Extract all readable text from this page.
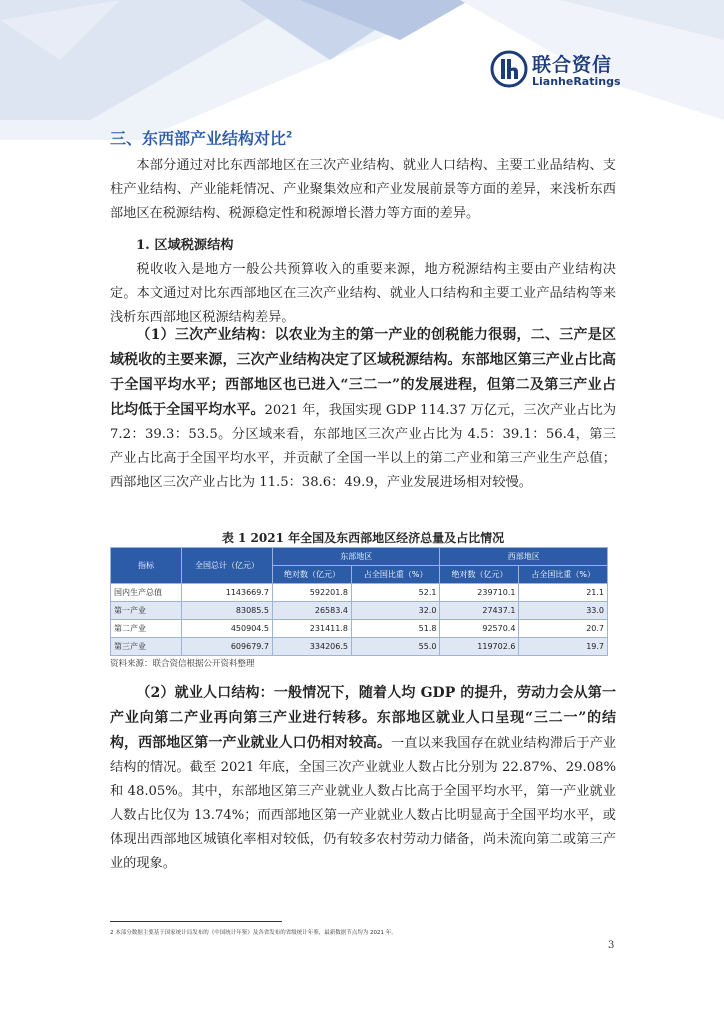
联合资信
LianheRatings
三、东西部产业结构对比$^2$

本部分通过对比东西部地区在三次产业结构、就业人口结构、主要工业品结构、支柱产业结构、产业能耗情况、产业聚集效应和产业发展前景等方面的差异，来浅析东西部地区在税源结构、税源稳定性和税源增长潜力等方面的差异。

1. 区域税源结构

税收收入是地方一般公共预算收入的重要来源，地方税源结构主要由产业结构决定。本文通过对比东西部地区在三次产业结构、就业人口结构和主要工业产品结构等来浅析东西部地区税源结构差异。

（1）三次产业结构：以农业为主的第一产业的创税能力很弱，二、三产是区域税收的主要来源，三次产业结构决定了区域税源结构。东部地区第三产业占比高于全国平均水平；西部地区也已进入“三二一”的发展进程，但第二及第三产业占比均低于全国平均水平。2021 年，我国实现 GDP 114.37 万亿元，三次产业占比为 7.2：39.3：53.5。分区域来看，东部地区三次产业占比为 4.5：39.1：56.4，第三产业占比高于全国平均水平，并贡献了全国一半以上的第二产业和第三产业生产总值；西部地区三次产业占比为 11.5：38.6：49.9，产业发展进场相对较慢。

表 1 2021 年全国及东西部地区经济总量及占比情况
指标	全国总计（亿元）	东部地区		西部地区	
		绝对数（亿元）	占全国比重（%）	绝对数（亿元）	占全国比重（%）
国内生产总值	1143669.7	592201.8	52.1	239710.1	21.1
第一产业	83085.5	26583.4	32.0	27437.1	33.0
第二产业	450904.5	231411.8	51.8	92570.4	20.7
第三产业	609679.7	334206.5	55.0	119702.6	19.7
资料来源：联合资信根据公开资料整理

（2）就业人口结构：一般情况下，随着人均 GDP 的提升，劳动力会从第一产业向第二产业再向第三产业进行转移。东部地区就业人口呈现“三二一”的结构，西部地区第一产业就业人口仍相对较高。一直以来我国存在就业结构滞后于产业结构的情况。截至 2021 年底，全国三次产业就业人数占比分别为 22.87%、29.08%和 48.05%。其中，东部地区第三产业就业人数占比高于全国平均水平，第一产业就业人数占比仅为 13.74%；而西部地区第一产业就业人数占比明显高于全国平均水平，或体现出西部地区城镇化率相对较低，仍有较多农村劳动力储备，尚未流向第二或第三产业的现象。

2 本部分数据主要基于国家统计局发布的《中国统计年鉴》及各省发布的省级统计年鉴，最新数据节点均为 2021 年。
3
